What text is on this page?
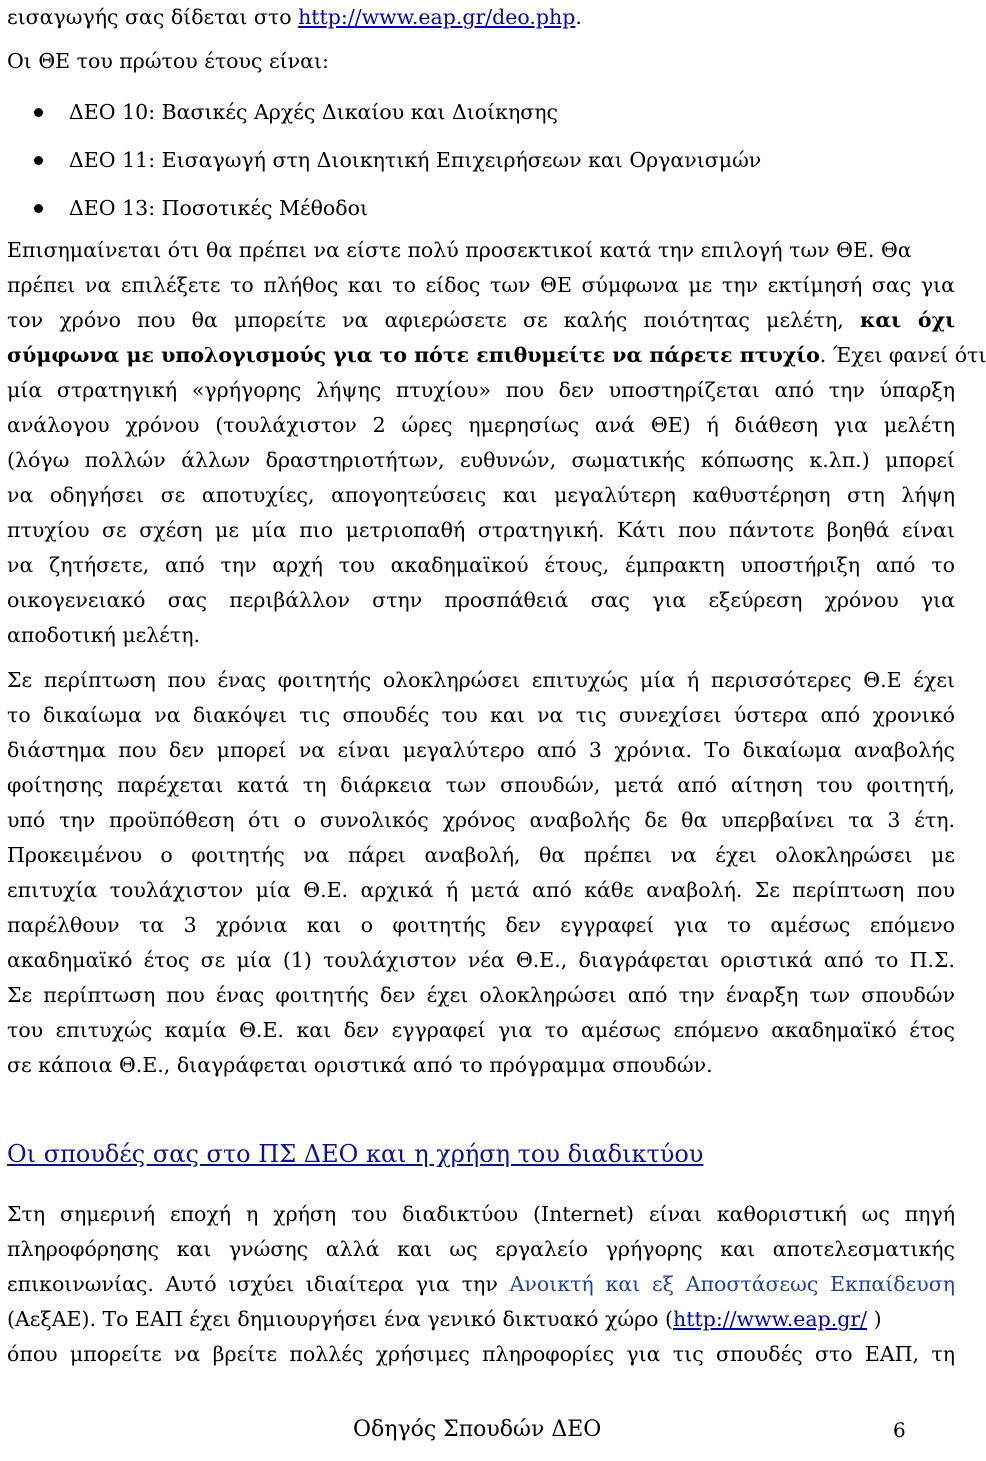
εισαγωγής σας δίδεται στο http://www.eap.gr/deo.php.
Οι ΘΕ του πρώτου έτους είναι:
ΔΕΟ 10: Βασικές Αρχές Δικαίου και Διοίκησης
ΔΕΟ 11: Εισαγωγή στη Διοικητική Επιχειρήσεων και Οργανισμών
ΔΕΟ 13: Ποσοτικές Μέθοδοι
Επισημαίνεται ότι θα πρέπει να είστε πολύ προσεκτικοί κατά την επιλογή των ΘΕ. Θα
πρέπει να επιλέξετε το πλήθος και το είδος των ΘΕ σύμφωνα με την εκτίμησή σας για
τον χρόνο που θα μπορείτε να αφιερώσετε σε καλής ποιότητας μελέτη, και όχι
σύμφωνα με υπολογισμούς για το πότε επιθυμείτε να πάρετε πτυχίο. Έχει φανεί ότι
μία στρατηγική «γρήγορης λήψης πτυχίου» που δεν υποστηρίζεται από την ύπαρξη
ανάλογου χρόνου (τουλάχιστον 2 ώρες ημερησίως ανά ΘΕ) ή διάθεση για μελέτη
(λόγω πολλών άλλων δραστηριοτήτων, ευθυνών, σωματικής κόπωσης κ.λπ.) μπορεί
να οδηγήσει σε αποτυχίες, απογοητεύσεις και μεγαλύτερη καθυστέρηση στη λήψη
πτυχίου σε σχέση με μία πιο μετριοπαθή στρατηγική. Κάτι που πάντοτε βοηθά είναι
να ζητήσετε, από την αρχή του ακαδημαϊκού έτους, έμπρακτη υποστήριξη από το
οικογενειακό σας περιβάλλον στην προσπάθειά σας για εξεύρεση χρόνου για
αποδοτική μελέτη.
Σε περίπτωση που ένας φοιτητής ολοκληρώσει επιτυχώς μία ή περισσότερες Θ.Ε έχει
το δικαίωμα να διακόψει τις σπουδές του και να τις συνεχίσει ύστερα από χρονικό
διάστημα που δεν μπορεί να είναι μεγαλύτερο από 3 χρόνια. Το δικαίωμα αναβολής
φοίτησης παρέχεται κατά τη διάρκεια των σπουδών, μετά από αίτηση του φοιτητή,
υπό την προϋπόθεση ότι ο συνολικός χρόνος αναβολής δε θα υπερβαίνει τα 3 έτη.
Προκειμένου ο φοιτητής να πάρει αναβολή, θα πρέπει να έχει ολοκληρώσει με
επιτυχία τουλάχιστον μία Θ.Ε. αρχικά ή μετά από κάθε αναβολή. Σε περίπτωση που
παρέλθουν τα 3 χρόνια και ο φοιτητής δεν εγγραφεί για το αμέσως επόμενο
ακαδημαϊκό έτος σε μία (1) τουλάχιστον νέα Θ.Ε., διαγράφεται οριστικά από το Π.Σ.
Σε περίπτωση που ένας φοιτητής δεν έχει ολοκληρώσει από την έναρξη των σπουδών
του επιτυχώς καμία Θ.Ε. και δεν εγγραφεί για το αμέσως επόμενο ακαδημαϊκό έτος
σε κάποια Θ.Ε., διαγράφεται οριστικά από το πρόγραμμα σπουδών.
Οι σπουδές σας στο ΠΣ ΔΕΟ και η χρήση του διαδικτύου
Στη σημερινή εποχή η χρήση του διαδικτύου (Internet) είναι καθοριστική ως πηγή
πληροφόρησης και γνώσης αλλά και ως εργαλείο γρήγορης και αποτελεσματικής
επικοινωνίας. Αυτό ισχύει ιδιαίτερα για την Ανοικτή και εξ Αποστάσεως Εκπαίδευση
(ΑεξΑΕ). Το ΕΑΠ έχει δημιουργήσει ένα γενικό δικτυακό χώρο (http://www.eap.gr/ )
όπου μπορείτε να βρείτε πολλές χρήσιμες πληροφορίες για τις σπουδές στο ΕΑΠ, τη
Οδηγός Σπουδών ΔΕΟ	6
